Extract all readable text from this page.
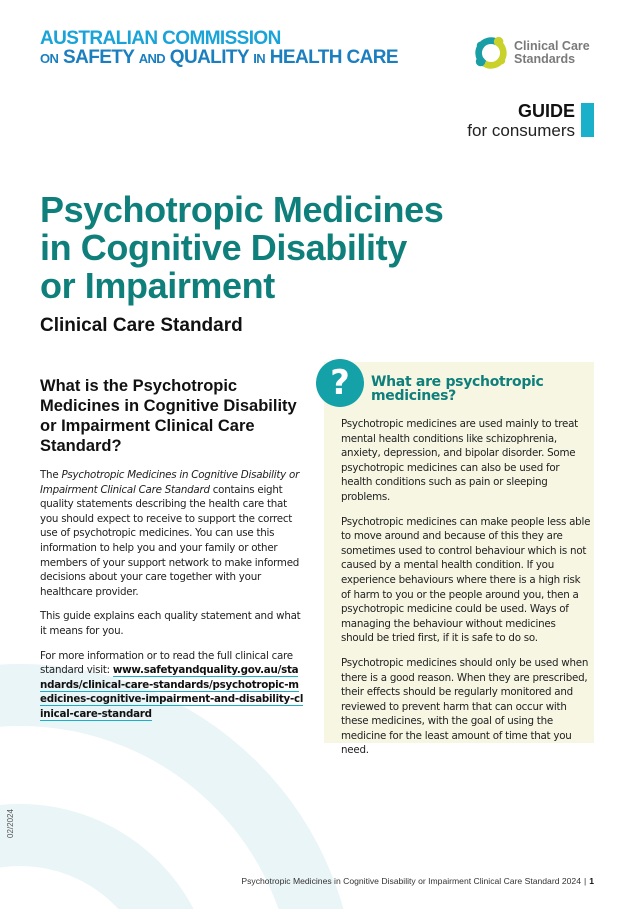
AUSTRALIAN COMMISSION
ON SAFETY AND QUALITY IN HEALTH CARE
Clinical Care
Standards
GUIDE
for consumers
Psychotropic Medicines
in Cognitive Disability
or Impairment
Clinical Care Standard
What is the Psychotropic Medicines in Cognitive Disability or Impairment Clinical Care Standard?

The Psychotropic Medicines in Cognitive Disability or Impairment Clinical Care Standard contains eight quality statements describing the health care that you should expect to receive to support the correct use of psychotropic medicines. You can use this information to help you and your family or other members of your support network to make informed decisions about your care together with your healthcare provider.

This guide explains each quality statement and what it means for you.

For more information or to read the full clinical care standard visit: www.safetyandquality.gov.au/standards/clinical-care-standards/psychotropic-medicines-cognitive-impairment-and-disability-clinical-care-standard

?	What are psychotropic medicines?

Psychotropic medicines are used mainly to treat mental health conditions like schizophrenia, anxiety, depression, and bipolar disorder. Some psychotropic medicines can also be used for health conditions such as pain or sleeping problems.

Psychotropic medicines can make people less able to move around and because of this they are sometimes used to control behaviour which is not caused by a mental health condition. If you experience behaviours where there is a high risk of harm to you or the people around you, then a psychotropic medicine could be used. Ways of managing the behaviour without medicines should be tried first, if it is safe to do so.

Psychotropic medicines should only be used when there is a good reason. When they are prescribed, their effects should be regularly monitored and reviewed to prevent harm that can occur with these medicines, with the goal of using the medicine for the least amount of time that you need.

02/2024
Psychotropic Medicines in Cognitive Disability or Impairment Clinical Care Standard 2024 | 1
